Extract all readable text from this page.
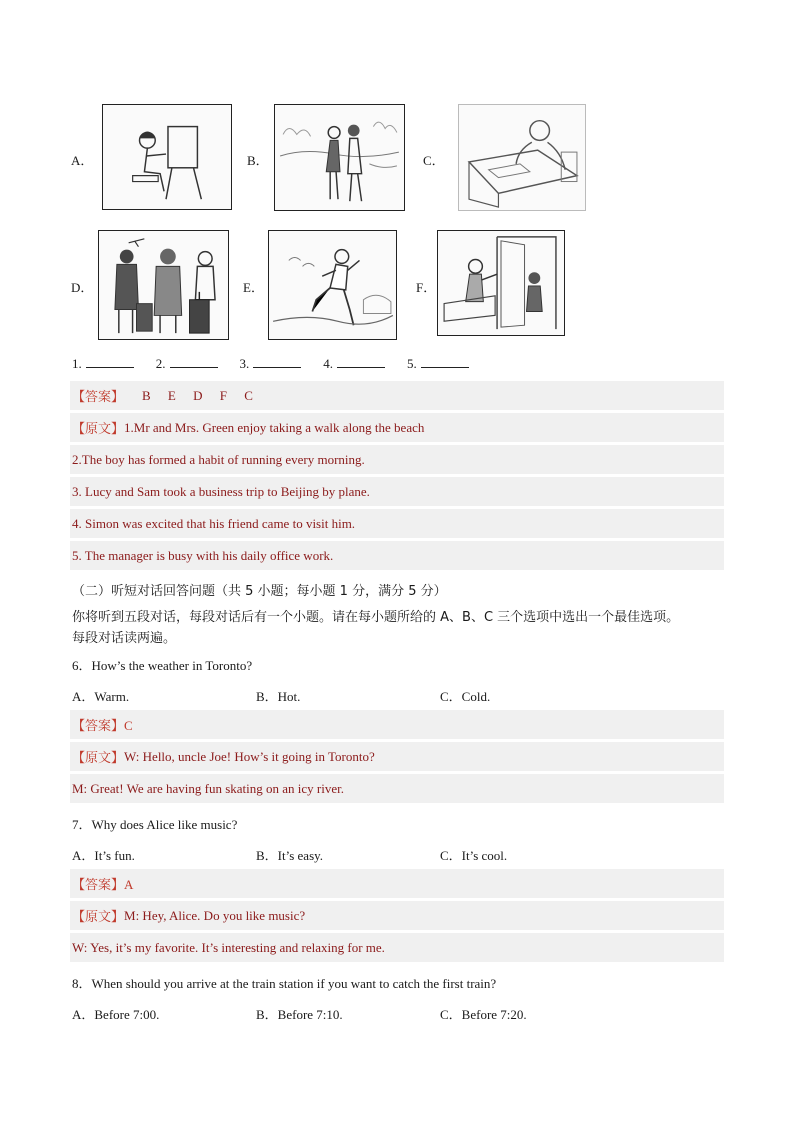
A．	B．	C．
D．	E．	F．
1.	2.	3.	4.	5.
【答案】 B E D F C
【原文】 1.Mr and Mrs. Green enjoy taking a walk along the beach
2.The boy has formed a habit of running every morning.
3. Lucy and Sam took a business trip to Beijing by plane.
4. Simon was excited that his friend came to visit him.
5. The manager is busy with his daily office work.
（二）听短对话回答问题（共 5 小题；每小题 1 分，满分 5 分）
你将听到五段对话，每段对话后有一个小题。请在每小题所给的 A、B、C 三个选项中选出一个最佳选项。
每段对话读两遍。
6．How’s the weather in Toronto?
A．Warm.	B．Hot.	C．Cold.
【答案】C
【原文】 W: Hello, uncle Joe! How’s it going in Toronto?
M: Great! We are having fun skating on an icy river.
7．Why does Alice like music?
A．It’s fun.	B．It’s easy.	C．It’s cool.
【答案】A
【原文】 M: Hey, Alice. Do you like music?
W: Yes, it’s my favorite. It’s interesting and relaxing for me.
8．When should you arrive at the train station if you want to catch the first train?
A．Before 7:00.	B．Before 7:10.	C．Before 7:20.
